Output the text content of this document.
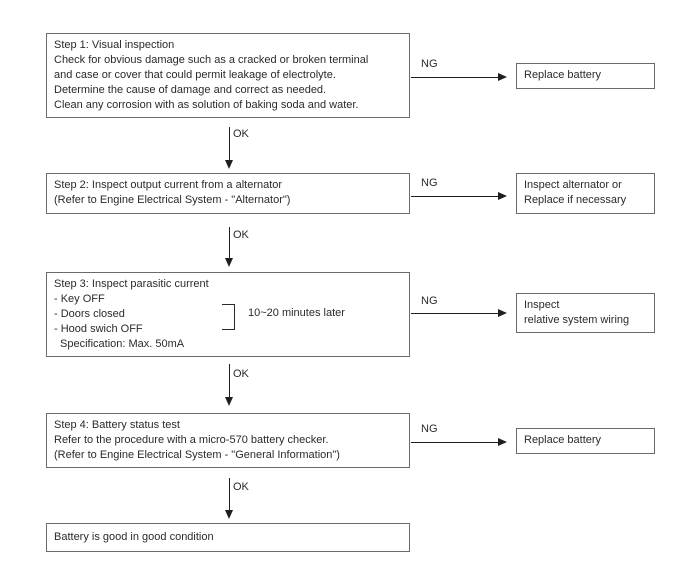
Step 1: Visual inspection
Check for obvious damage such as a cracked or broken terminal
and case or cover that could permit leakage of electrolyte.
Determine the cause of damage and correct as needed.
Clean any corrosion with as solution of baking soda and water.
NG
Replace battery
OK
Step 2: Inspect output current from a alternator
(Refer to Engine Electrical System - "Alternator")
NG	Inspect alternator or
Replace if necessary
OK
Step 3: Inspect parasitic current
- Key OFF
- Doors closed
- Hood swich OFF
Specification: Max. 50mA
10~20 minutes later
NG	Inspect
relative system wiring
OK
Step 4: Battery status test
Refer to the procedure with a micro-570 battery checker.
(Refer to Engine Electrical System - "General Information")
NG
Replace battery
OK
Battery is good in good condition
